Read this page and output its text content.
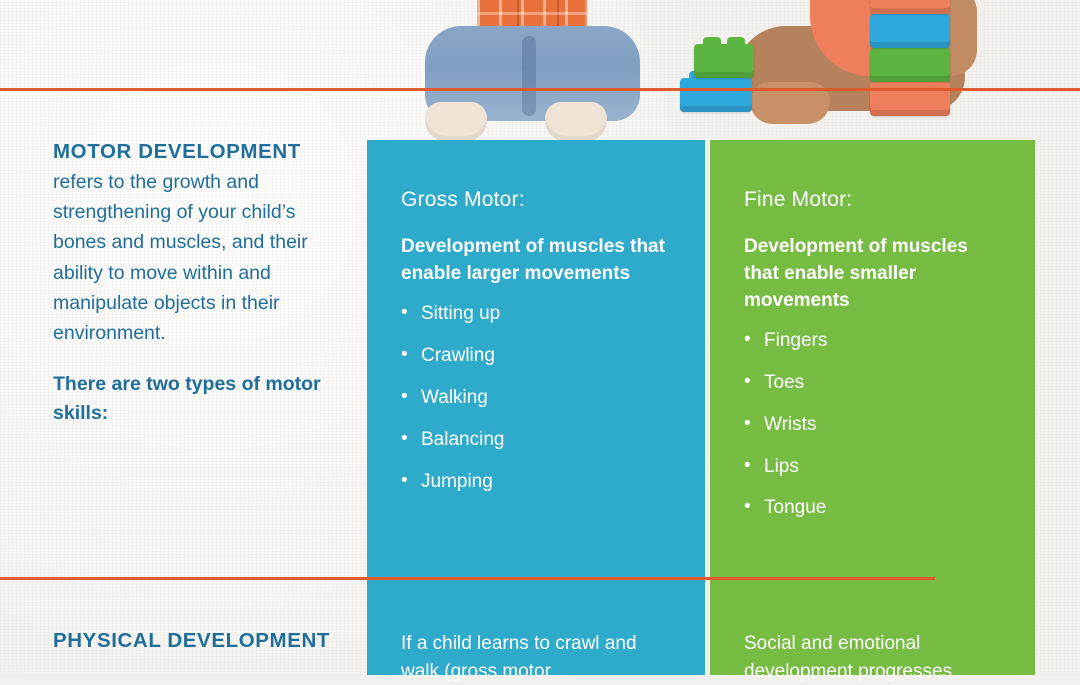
MOTOR DEVELOPMENT

refers to the growth and strengthening of your child’s bones and muscles, and their ability to move within and manipulate objects in their environment.

There are two types of motor skills:

PHYSICAL DEVELOPMENT
Gross Motor:

Development of muscles that enable larger movements

• Sitting up
• Crawling
• Walking
• Balancing
• Jumping
If a child learns to crawl and walk (gross motor
Fine Motor:

Development of muscles that enable smaller movements

• Fingers
• Toes
• Wrists
• Lips
• Tongue
Social and emotional development progresses
